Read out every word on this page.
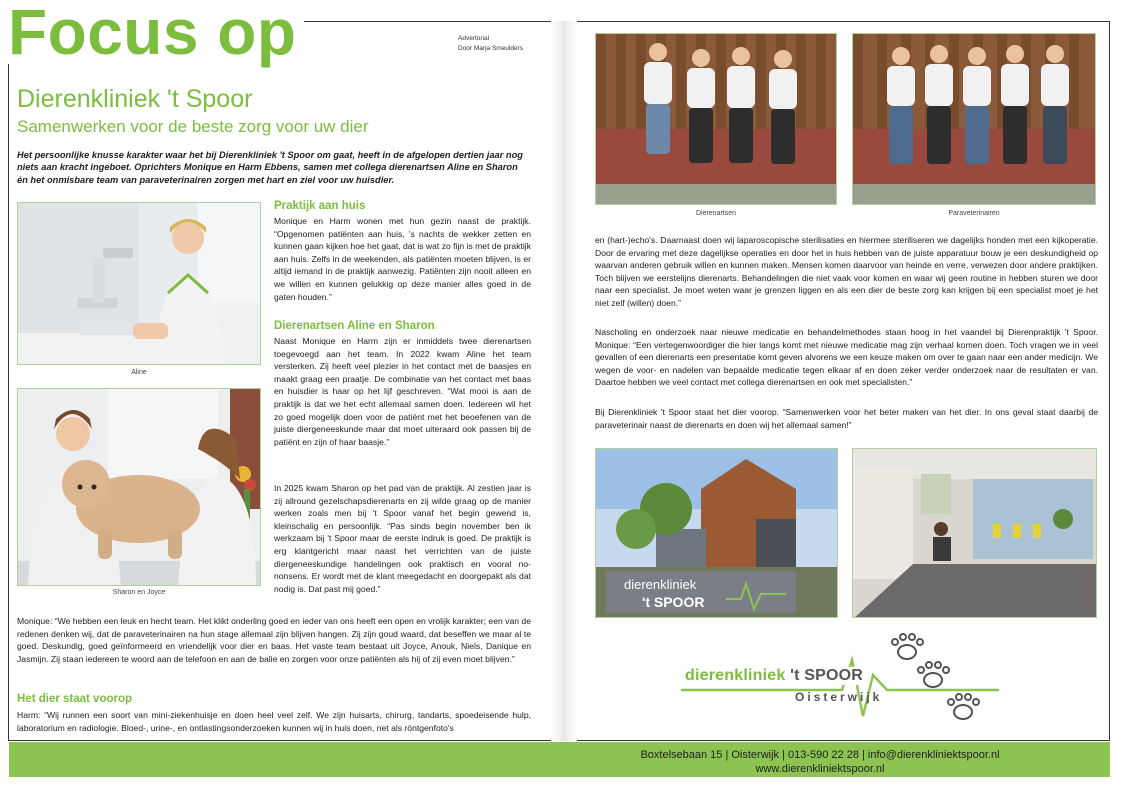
Focus op	Advertorial
Door Marja Smeulders
Dierenkliniek 't Spoor
Samenwerken voor de beste zorg voor uw dier
Het persoonlijke knusse karakter waar het bij Dierenkliniek 't Spoor om gaat, heeft in de afgelopen dertien jaar nog niets aan kracht ingeboet. Oprichters Monique en Harm Ebbens, samen met collega dierenartsen Aline en Sharon én het onmisbare team van paraveterinairen zorgen met hart en ziel voor uw huisdier.
Aline
Sharon en Joyce
Praktijk aan huis
Monique en Harm wonen met hun gezin naast de praktijk. “Opgenomen patiënten aan huis, 's nachts de wekker zetten en kunnen gaan kijken hoe het gaat, dat is wat zo fijn is met de praktijk aan huis. Zelfs in de weekenden, als patiënten moeten blijven, is er altijd iemand in de praktijk aanwezig. Patiënten zijn nooit alleen en we willen en kunnen gelukkig op deze manier alles goed in de gaten houden.”
Dierenartsen Aline en Sharon
Naast Monique en Harm zijn er inmiddels twee dierenartsen toegevoegd aan het team. In 2022 kwam Aline het team versterken. Zij heeft veel plezier in het contact met de baasjes en maakt graag een praatje. De combinatie van het contact met baas en huisdier is haar op het lijf geschreven. “Wat mooi is aan de praktijk is dat we het echt allemaal samen doen. Iedereen wil het zo goed mogelijk doen voor de patiënt met het beoefenen van de juiste diergeneeskunde maar dat moet uiteraard ook passen bij de patiënt en zijn of haar baasje.”
In 2025 kwam Sharon op het pad van de praktijk. Al zestien jaar is zij allround gezelschapsdierenarts en zij wilde graag op de manier werken zoals men bij 't Spoor vanaf het begin gewend is, kleinschalig en persoonlijk. “Pas sinds begin november ben ik werkzaam bij 't Spoor maar de eerste indruk is goed. De praktijk is erg klantgericht maar naast het verrichten van de juiste diergeneeskundige handelingen ook praktisch en vooral no-nonsens. Er wordt met de klant meegedacht en doorgepakt als dat nodig is. Dat past mij goed.”
Monique: “We hebben een leuk en hecht team. Het klikt onderling goed en ieder van ons heeft een open en vrolijk karakter; een van de redenen denken wij, dat de paraveterinairen na hun stage allemaal zijn blijven hangen. Zij zijn goud waard, dat beseffen we maar al te goed. Deskundig, goed geïnformeerd en vriendelijk voor dier en baas. Het vaste team bestaat uit Joyce, Anouk, Niels, Danique en Jasmijn. Zij staan iedereen te woord aan de telefoon en aan de balie en zorgen voor onze patiënten als hij of zij even moet blijven.”
Het dier staat voorop
Harm: “Wij runnen een soort van mini-ziekenhuisje en doen heel veel zelf. We zijn huisarts, chirurg, tandarts, spoedeisende hulp, laboratorium en radiologie. Bloed-, urine-, en ontlastingsonderzoeken kunnen wij in huis doen, net als röntgenfoto's
Dierenartsen	Paraveterinairen
en (hart-)echo's. Daarnaast doen wij laparoscopische sterilisaties en hiermee steriliseren we dagelijks honden met een kijkoperatie. Door de ervaring met deze dagelijkse operaties en door het in huis hebben van de juiste apparatuur bouw je een deskundigheid op waarvan anderen gebruik willen en kunnen maken. Mensen komen daarvoor van heinde en verre, verwezen door andere praktijken. Toch blijven we eerstelijns dierenarts. Behandelingen die niet vaak voor komen en waar wij geen routine in hebben sturen we door naar een specialist. Je moet weten waar je grenzen liggen en als een dier de beste zorg kan krijgen bij een specialist moet je het niet zelf (willen) doen.”
Nascholing en onderzoek naar nieuwe medicatie en behandelmethodes staan hoog in het vaandel bij Dierenpraktijk 't Spoor. Monique: “Een vertegenwoordiger die hier langs komt met nieuwe medicatie mag zijn verhaal komen doen. Toch vragen we in veel gevallen of een dierenarts een presentatie komt geven alvorens we een keuze maken om over te gaan naar een ander medicijn. We wegen de voor- en nadelen van bepaalde medicatie tegen elkaar af en doen zeker verder onderzoek naar de resultaten er van. Daartoe hebben we veel contact met collega dierenartsen en ook met specialisten.”
Bij Dierenkliniek 't Spoor staat het dier voorop. “Samenwerken voor het beter maken van het dier. In ons geval staat daarbij de paraveterinair naast de dierenarts en doen wij het allemaal samen!”
dierenkliniek
't SPOOR
dierenkliniek 't SPOOR
Oisterwijk
Boxtelsebaan 15 | Oisterwijk | 013-590 22 28 | info@dierenkliniektspoor.nl
www.dierenkliniektspoor.nl
